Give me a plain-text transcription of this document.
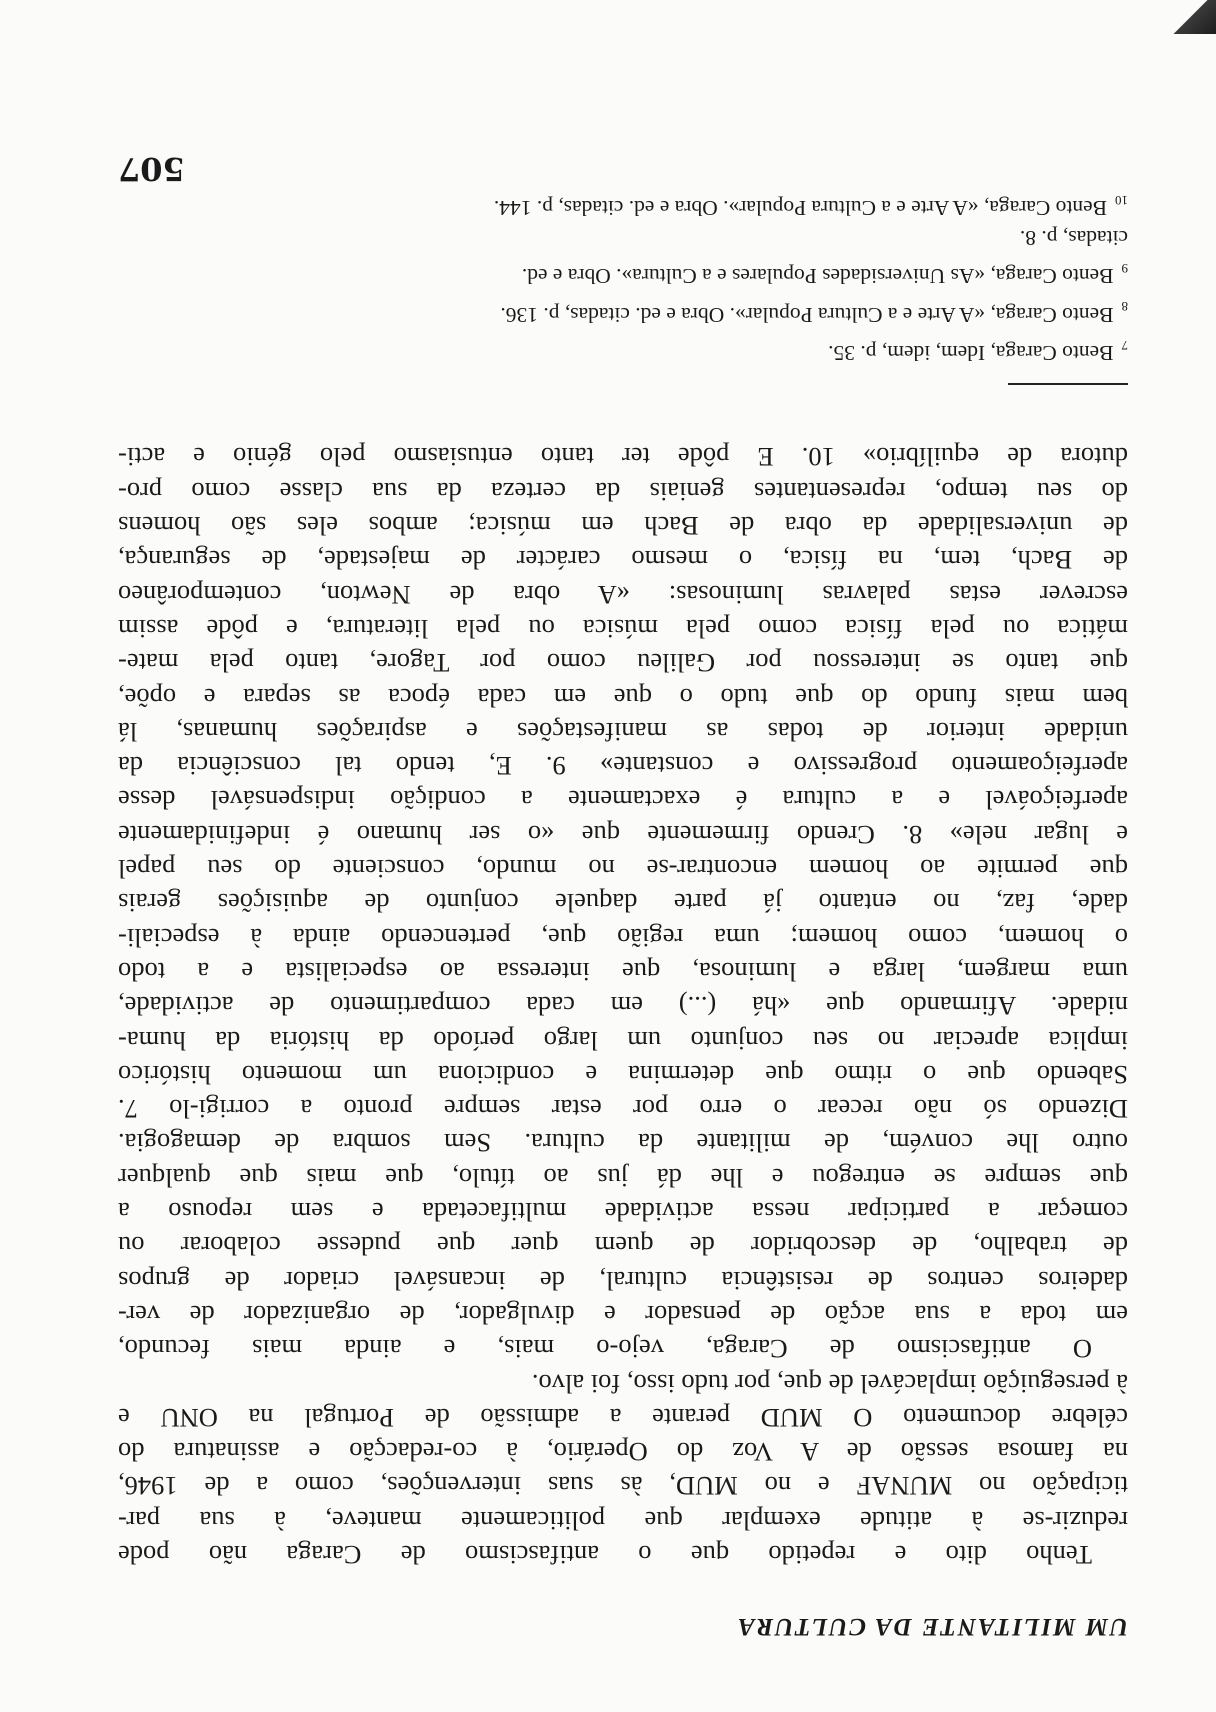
UM MILITANTE DA CULTURA
Tenho dito e repetido que o antifascismo de Caraga não pode
reduzir-se à atitude exemplar que politicamente manteve, à sua par-
ticipação no MUNAF e no MUD, às suas intervenções, como a de 1946,
na famosa sessão de A Voz do Operário, à co-redacção e assinatura do
célebre documento O MUD perante a admissão de Portugal na ONU e
à perseguição implacável de que, por tudo isso, foi alvo.
O antifascismo de Caraga, vejo-o mais, e ainda mais fecundo,
em toda a sua acção de pensador e divulgador, de organizador de ver-
dadeiros centros de resistência cultural, de incansável criador de grupos
de trabalho, de descobridor de quem quer que pudesse colaborar ou
começar a participar nessa actividade multifacetada e sem repouso a
que sempre se entregou e lhe dá jus ao título, que mais que qualquer
outro lhe convém, de militante da cultura. Sem sombra de demagogia.
Dizendo só não recear o erro por estar sempre pronto a corrigi-lo 7.
Sabendo que o ritmo que determina e condiciona um momento histórico
implica apreciar no seu conjunto um largo período da história da huma-
nidade. Afirmando que «há (...) em cada compartimento de actividade,
uma margem, larga e luminosa, que interessa ao especialista e a todo
o homem, como homem; uma região que, pertencendo ainda à especiali-
dade, faz, no entanto já parte daquele conjunto de aquisições gerais
que permite ao homem encontrar-se no mundo, consciente do seu papel
e lugar nele» 8. Crendo firmemente que «o ser humano é indefinidamente
aperfeiçoável e a cultura é exactamente a condição indispensável desse
aperfeiçoamento progressivo e constante» 9. E, tendo tal consciência da
unidade interior de todas as manifestações e aspirações humanas, lá
bem mais fundo do que tudo o que em cada época as separa e opõe,
que tanto se interessou por Galileu como por Tagore, tanto pela mate-
mática ou pela física como pela música ou pela literatura, e pôde assim
escrever estas palavras luminosas: «A obra de Newton, contemporâneo
de Bach, tem, na física, o mesmo carácter de majestade, de segurança,
de universalidade da obra de Bach em música; ambos eles são homens
do seu tempo, representantes geniais da certeza da sua classe como pro-
dutora de equilíbrio» 10. E pôde ter tanto entusiasmo pelo génio e acti-
$_7$Bento Caraga, Idem, idem, p. 35.
$_8$Bento Caraga, «A Arte e a Cultura Popular». Obra e ed. citadas, p. 136.
$_9$Bento Caraga, «As Universidades Populares e a Cultura». Obra e ed.
citadas, p. 8.
$_{10}$Bento Caraga, «A Arte e a Cultura Popular». Obra e ed. citadas, p. 144.
507
